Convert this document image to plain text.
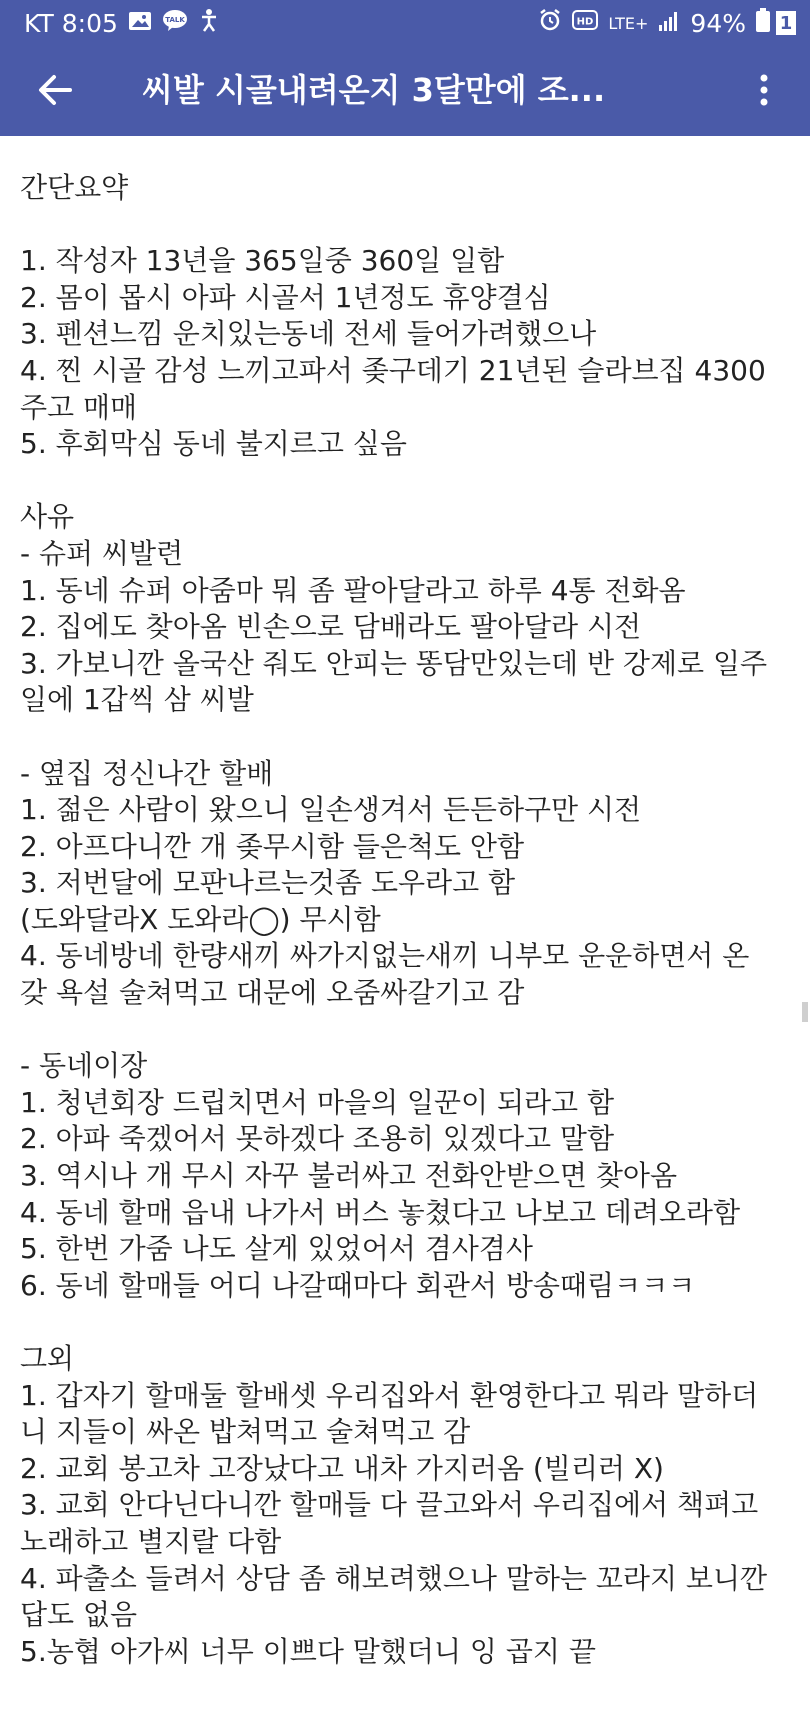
KT 8:05	TALK	HD LTE+ 94% 1
씨발 시골내려온지 3달만에 조...
간단요약
1. 작성자 13년을 365일중 360일 일함
2. 몸이 몹시 아파 시골서 1년정도 휴양결심
3. 펜션느낌 운치있는동네 전세 들어가려했으나
4. 찐 시골 감성 느끼고파서 좆구데기 21년된 슬라브집 4300
주고 매매
5. 후회막심 동네 불지르고 싶음
사유
- 슈퍼 씨발련
1. 동네 슈퍼 아줌마 뭐 좀 팔아달라고 하루 4통 전화옴
2. 집에도 찾아옴 빈손으로 담배라도 팔아달라 시전
3. 가보니깐 올국산 줘도 안피는 똥담만있는데 반 강제로 일주
일에 1갑씩 삼 씨발
- 옆집 정신나간 할배
1. 젊은 사람이 왔으니 일손생겨서 든든하구만 시전
2. 아프다니깐 개 좆무시함 들은척도 안함
3. 저번달에 모판나르는것좀 도우라고 함
(도와달라X 도와라◯) 무시함
4. 동네방네 한량새끼 싸가지없는새끼 니부모 운운하면서 온
갖 욕설 술쳐먹고 대문에 오줌싸갈기고 감
- 동네이장
1. 청년회장 드립치면서 마을의 일꾼이 되라고 함
2. 아파 죽겠어서 못하겠다 조용히 있겠다고 말함
3. 역시나 개 무시 자꾸 불러싸고 전화안받으면 찾아옴
4. 동네 할매 읍내 나가서 버스 놓쳤다고 나보고 데려오라함
5. 한번 가줌 나도 살게 있었어서 겸사겸사
6. 동네 할매들 어디 나갈때마다 회관서 방송때림ㅋㅋㅋ
그외
1. 갑자기 할매둘 할배셋 우리집와서 환영한다고 뭐라 말하더
니 지들이 싸온 밥쳐먹고 술쳐먹고 감
2. 교회 봉고차 고장났다고 내차 가지러옴 (빌리러 X)
3. 교회 안다닌다니깐 할매들 다 끌고와서 우리집에서 책펴고
노래하고 별지랄 다함
4. 파출소 들려서 상담 좀 해보려했으나 말하는 꼬라지 보니깐
답도 없음
5.농협 아가씨 너무 이쁘다 말했더니 잉 곱지 끝
